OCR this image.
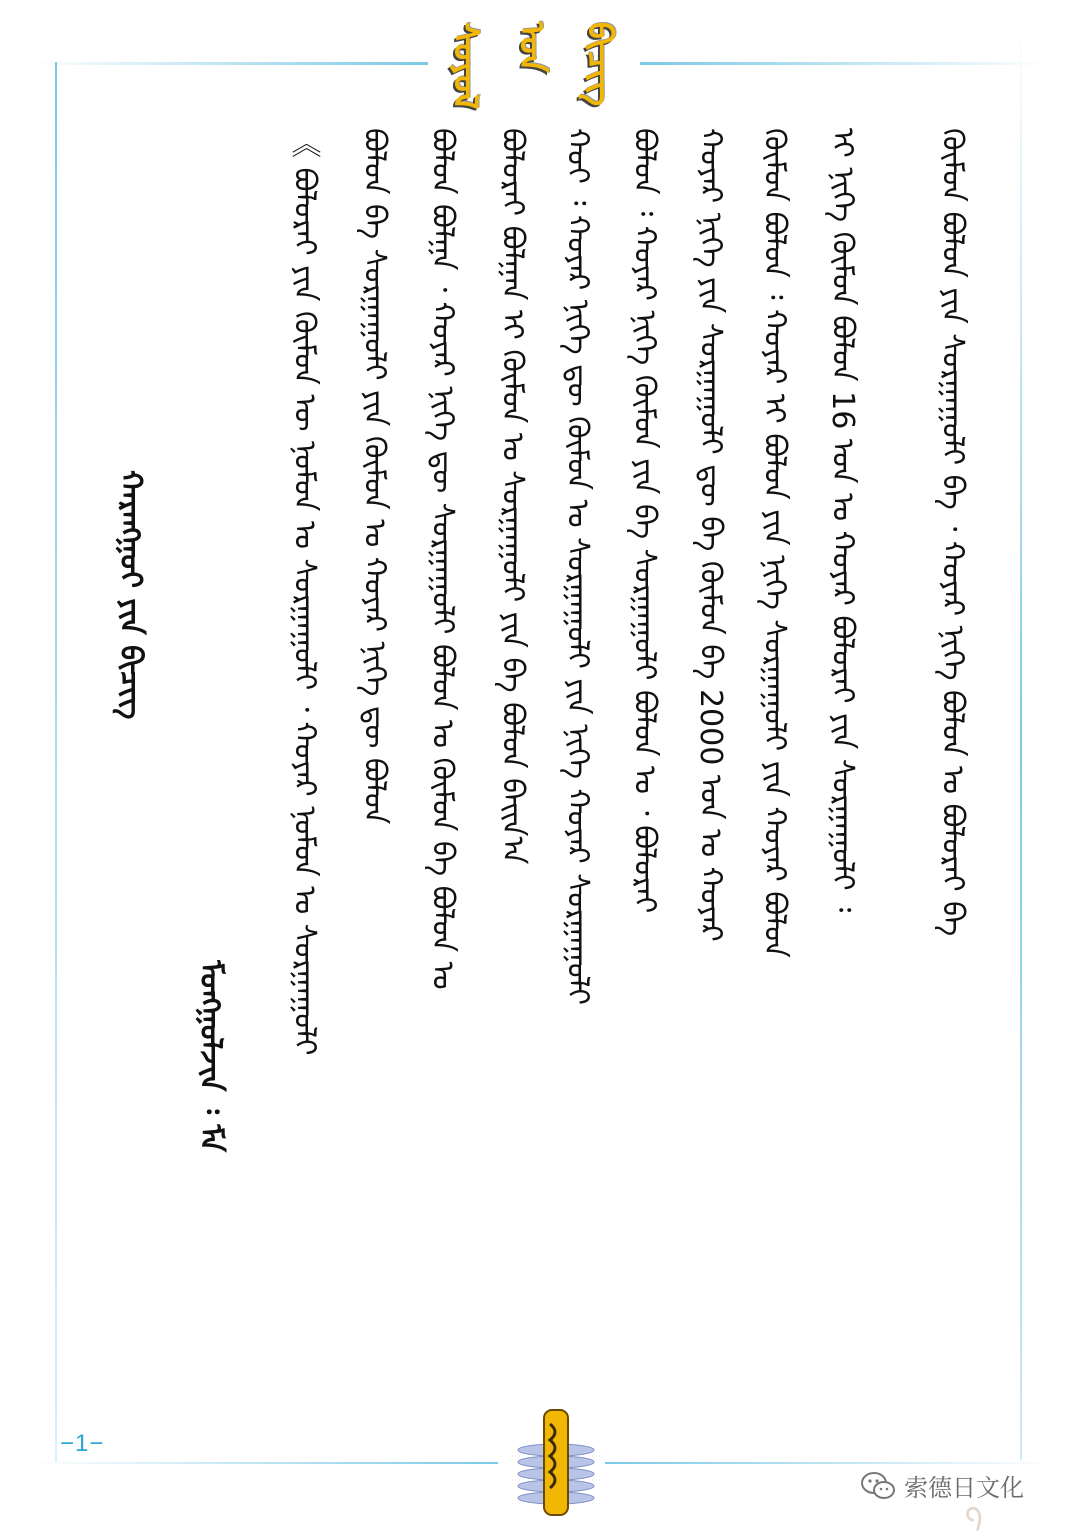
ᠰᠣᠶᠣᠯ ᠤᠨ ᠪᠢᠴᠢᠭ
ᠬᠠᠷᠠᠩᠭᠤᠢ ᠶᠢᠨ ᠪᠢᠴᠢᠭ
ᠮᠣᠩᠭᠣᠯᠵᠢᠨ ᠄ ᠮᠡ
《 ᠪᠣᠯᠣᠷᠠᠢ ᠶᠢᠨ ᠬᠦᠮᠦᠨ ᠦ ᠨᠣᠮᠣᠨ ᠤ ᠰᠤᠷᠭᠠᠭᠤᠯᠢ ᠂ ᠬᠣᠶᠠᠷ ᠨᠣᠮᠣᠨ ᠤ ᠰᠤᠷᠭᠠᠭᠤᠯᠢ ᠪᠣᠯᠤᠨ ᠪᠠ ᠰᠤᠷᠭᠠᠭᠤᠯᠢ ᠶᠢᠨ ᠬᠦᠮᠦᠨ ᠤ ᠬᠣᠶᠠᠷ ᠨᠢᠭᠡ ᠳᠦ ᠪᠣᠯᠤᠨ ᠪᠣᠯᠤᠨ ᠪᠣᠯᠭᠠ ᠂ ᠬᠣᠶᠠᠷ ᠨᠢᠭᠡ ᠳᠦ ᠰᠤᠷᠭᠠᠭᠤᠯᠢ ᠪᠣᠯᠤᠨ ᠤ ᠬᠦᠮᠦᠨ ᠪᠠ ᠪᠣᠯᠤᠨ ᠤ ᠪᠣᠯᠣᠷᠠᠢ ᠪᠣᠯᠭᠠᠨ ᠢ ᠬᠦᠮᠦᠨ ᠤ ᠰᠤᠷᠭᠠᠭᠤᠯᠢ ᠶᠢᠨ ᠪᠠ ᠪᠣᠯᠤᠨ ᠪᠠᠢᠨ᠎ᠠ ᠬᠣᠶ ᠄ ᠬᠣᠶᠠᠷ ᠨᠢᠭᠡ ᠳᠦ ᠬᠦᠮᠦᠨ ᠤ ᠰᠤᠷᠭᠠᠭᠤᠯᠢ ᠶᠢᠨ ᠨᠢᠭᠡ ᠬᠣᠶᠠᠷ ᠰᠤᠷᠭᠠᠭᠤᠯᠢ ᠪᠣᠯᠤᠨ ᠄ ᠬᠣᠶᠠᠷ ᠨᠢᠭᠡ ᠬᠦᠮᠦᠨ ᠶᠢᠨ ᠪᠠ ᠰᠤᠷᠭᠠᠭᠤᠯᠢ ᠪᠣᠯᠤᠨ ᠤ ᠂ ᠪᠣᠯᠣᠷᠠᠢ ᠬᠣᠶᠠᠷ ᠨᠢᠭᠡ ᠶᠢᠨ ᠰᠤᠷᠭᠠᠭᠤᠯᠢ ᠳᠦ ᠪᠠ ᠬᠦᠮᠦᠨ ᠪᠠ 2000 ᠣᠨ ᠤ ᠬᠣᠶᠠᠷ ᠬᠦᠮᠦᠨ ᠪᠣᠯᠤᠨ ᠄ ᠬᠣᠶᠠᠷ ᠢ ᠪᠣᠯᠤᠨ ᠶᠢᠨ ᠨᠢᠭᠡ ᠰᠤᠷᠭᠠᠭᠤᠯᠢ ᠶᠢᠨ ᠬᠣᠶᠠᠷ ᠪᠣᠯᠤᠨ ᠢ ᠨᠢᠭᠡ ᠬᠦᠮᠦᠨ ᠪᠣᠯᠤᠨ 16 ᠣᠨ ᠤ ᠬᠣᠶᠠᠷ ᠪᠣᠯᠣᠷᠠᠢ ᠶᠢᠨ ᠰᠤᠷᠭᠠᠭᠤᠯᠢ ᠄	ᠬᠦᠮᠦᠨ ᠪᠣᠯᠤᠨ ᠶᠢᠨ ᠰᠤᠷᠭᠠᠭᠤᠯᠢ ᠪᠠ ᠂ ᠬᠣᠶᠠᠷ ᠨᠢᠭᠡ ᠪᠣᠯᠤᠨ ᠤ ᠪᠣᠯᠣᠷᠠᠢ ᠪᠠ
−1−
索德日文化
᠀
